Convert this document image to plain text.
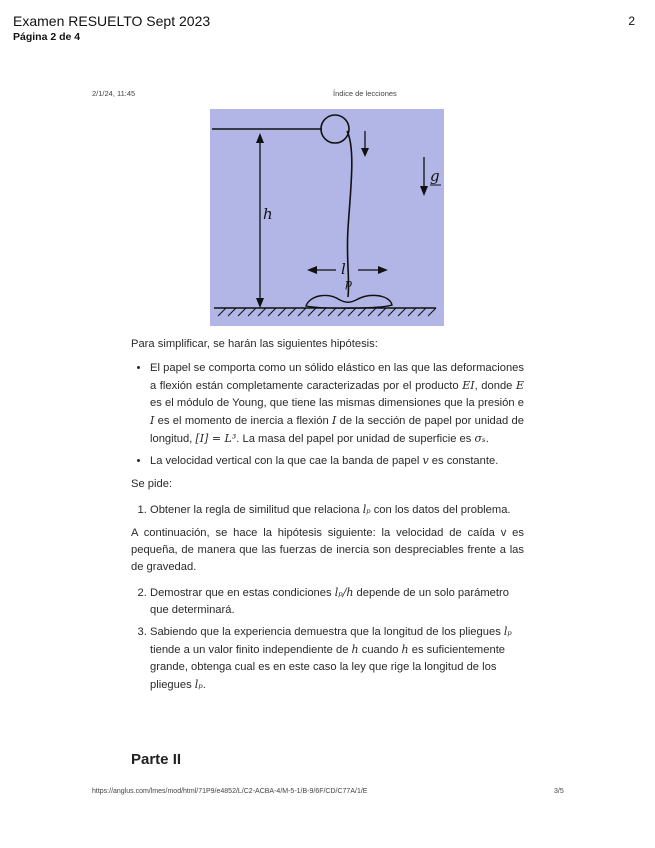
Examen RESUELTO Sept 2023
Página 2 de 4
2
2/1/24, 11:45	Índice de lecciones
h
g
l
p

Para simplificar, se harán las siguientes hipótesis:

• El papel se comporta como un sólido elástico en las que las deformaciones a flexión están completamente caracterizadas por el producto EI, donde E es el módulo de Young, que tiene las mismas dimensiones que la presión e I es el momento de inercia a flexión I de la sección de papel por unidad de longitud, [I] = L³. La masa del papel por unidad de superficie es σₛ.
• La velocidad vertical con la que cae la banda de papel v es constante.

Se pide:

1. Obtener la regla de similitud que relaciona lₚ con los datos del problema.

A continuación, se hace la hipótesis siguiente: la velocidad de caída v es pequeña, de manera que las fuerzas de inercia son despreciables frente a las de gravedad.

2. Demostrar que en estas condiciones lₚ/h depende de un solo parámetro que determinará.
3. Sabiendo que la experiencia demuestra que la longitud de los pliegues lₚ tiende a un valor finito independiente de h cuando h es suficientemente grande, obtenga cual es en este caso la ley que rige la longitud de los pliegues lₚ.
Parte II
https://anglus.com/lmes/mod/html/71P9/e4852/L/C2-ACBA-4/M-5-1/B-9/6F/CD/C77A/1/E	3/5
